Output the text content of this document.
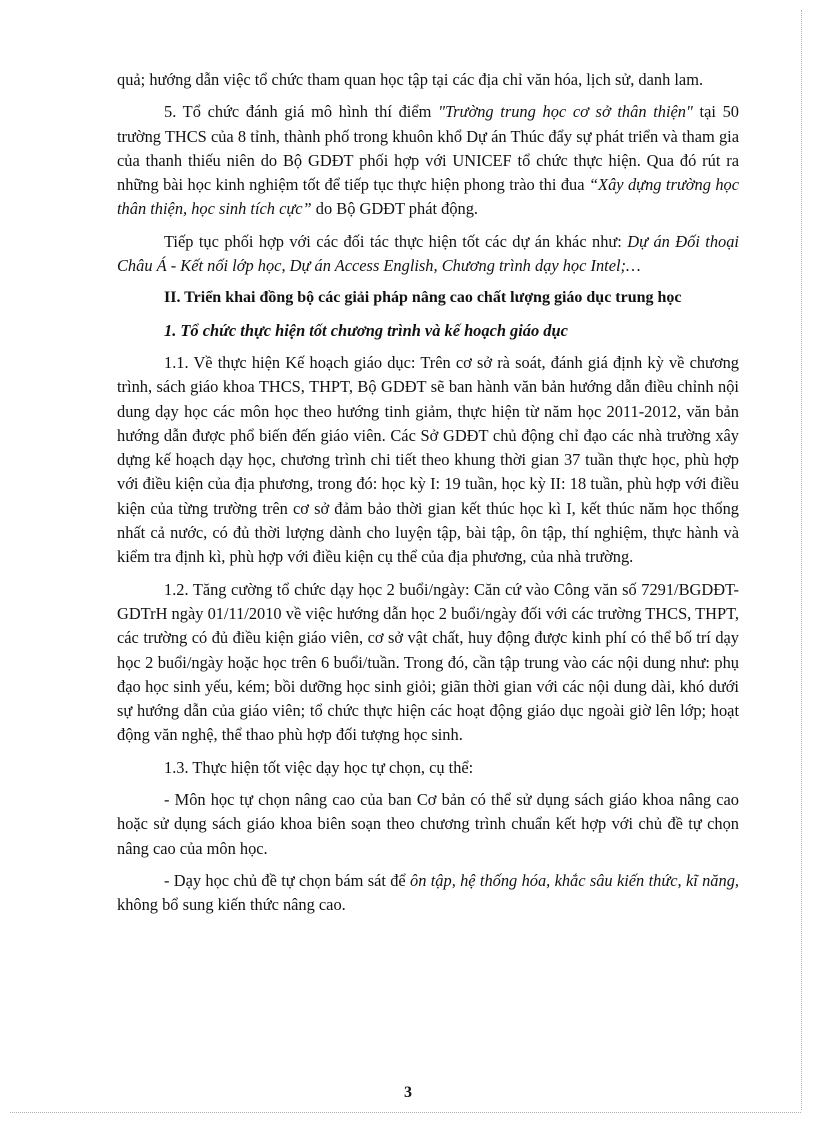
quả; hướng dẫn việc tổ chức tham quan học tập tại các địa chỉ văn hóa, lịch sử, danh lam.

5. Tổ chức đánh giá mô hình thí điểm "Trường trung học cơ sở thân thiện" tại 50 trường THCS của 8 tỉnh, thành phố trong khuôn khổ Dự án Thúc đẩy sự phát triển và tham gia của thanh thiếu niên do Bộ GDĐT phối hợp với UNICEF tổ chức thực hiện. Qua đó rút ra những bài học kinh nghiệm tốt để tiếp tục thực hiện phong trào thi đua “Xây dựng trường học thân thiện, học sinh tích cực” do Bộ GDĐT phát động.

Tiếp tục phối hợp với các đối tác thực hiện tốt các dự án khác như: Dự án Đối thoại Châu Á - Kết nối lớp học, Dự án Access English, Chương trình dạy học Intel;…

II. Triển khai đồng bộ các giải pháp nâng cao chất lượng giáo dục trung học

1. Tổ chức thực hiện tốt chương trình và kế hoạch giáo dục

1.1. Về thực hiện Kế hoạch giáo dục: Trên cơ sở rà soát, đánh giá định kỳ về chương trình, sách giáo khoa THCS, THPT, Bộ GDĐT sẽ ban hành văn bản hướng dẫn điều chỉnh nội dung dạy học các môn học theo hướng tinh giảm, thực hiện từ năm học 2011-2012, văn bản hướng dẫn được phổ biến đến giáo viên. Các Sở GDĐT chủ động chỉ đạo các nhà trường xây dựng kế hoạch dạy học, chương trình chi tiết theo khung thời gian 37 tuần thực học, phù hợp với điều kiện của địa phương, trong đó: học kỳ I: 19 tuần, học kỳ II: 18 tuần, phù hợp với điều kiện của từng trường trên cơ sở đảm bảo thời gian kết thúc học kì I, kết thúc năm học thống nhất cả nước, có đủ thời lượng dành cho luyện tập, bài tập, ôn tập, thí nghiệm, thực hành và kiểm tra định kì, phù hợp với điều kiện cụ thể của địa phương, của nhà trường.

1.2. Tăng cường tổ chức dạy học 2 buổi/ngày: Căn cứ vào Công văn số 7291/BGDĐT-GDTrH ngày 01/11/2010 về việc hướng dẫn học 2 buổi/ngày đối với các trường THCS, THPT, các trường có đủ điều kiện giáo viên, cơ sở vật chất, huy động được kinh phí có thể bố trí dạy học 2 buổi/ngày hoặc học trên 6 buổi/tuần. Trong đó, cần tập trung vào các nội dung như: phụ đạo học sinh yếu, kém; bồi dưỡng học sinh giỏi; giãn thời gian với các nội dung dài, khó dưới sự hướng dẫn của giáo viên; tổ chức thực hiện các hoạt động giáo dục ngoài giờ lên lớp; hoạt động văn nghệ, thể thao phù hợp đối tượng học sinh.

1.3. Thực hiện tốt việc dạy học tự chọn, cụ thể:

- Môn học tự chọn nâng cao của ban Cơ bản có thể sử dụng sách giáo khoa nâng cao hoặc sử dụng sách giáo khoa biên soạn theo chương trình chuẩn kết hợp với chủ đề tự chọn nâng cao của môn học.

- Dạy học chủ đề tự chọn bám sát để ôn tập, hệ thống hóa, khắc sâu kiến thức, kĩ năng, không bổ sung kiến thức nâng cao.

3
